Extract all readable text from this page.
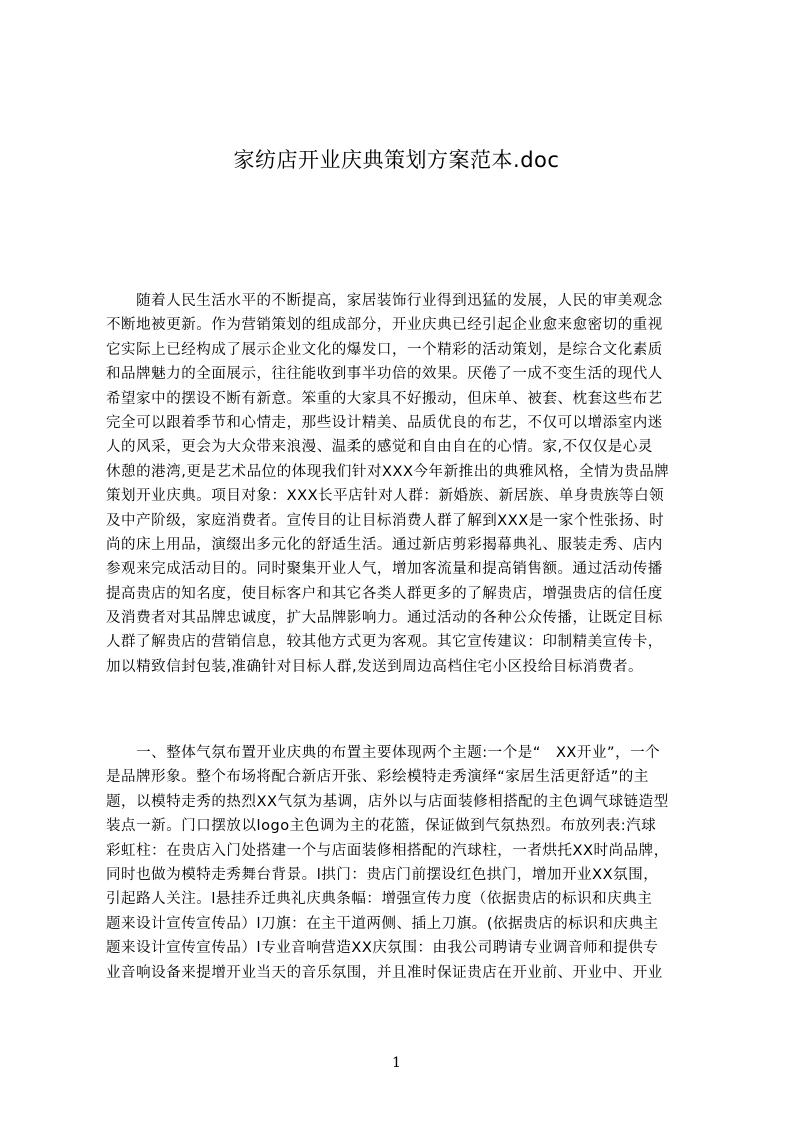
家纺店开业庆典策划方案范本.doc
　　随着人民生活水平的不断提高，家居装饰行业得到迅猛的发展，人民的审美观念
不断地被更新。作为营销策划的组成部分，开业庆典已经引起企业愈来愈密切的重视
它实际上已经构成了展示企业文化的爆发口，一个精彩的活动策划，是综合文化素质
和品牌魅力的全面展示，往往能收到事半功倍的效果。厌倦了一成不变生活的现代人
希望家中的摆设不断有新意。笨重的大家具不好搬动，但床单、被套、枕套这些布艺
完全可以跟着季节和心情走，那些设计精美、品质优良的布艺，不仅可以增添室内迷
人的风采，更会为大众带来浪漫、温柔的感觉和自由自在的心情。家,不仅仅是心灵
休憩的港湾,更是艺术品位的体现我们针对XXX今年新推出的典雅风格，全情为贵品牌
策划开业庆典。项目对象：XXX长平店针对人群：新婚族、新居族、单身贵族等白领
及中产阶级，家庭消费者。宣传目的让目标消费人群了解到XXX是一家个性张扬、时
尚的床上用品，演缀出多元化的舒适生活。通过新店剪彩揭幕典礼、服装走秀、店内
参观来完成活动目的。同时聚集开业人气，增加客流量和提高销售额。通过活动传播
提高贵店的知名度，使目标客户和其它各类人群更多的了解贵店，增强贵店的信任度
及消费者对其品牌忠诚度，扩大品牌影响力。通过活动的各种公众传播，让既定目标
人群了解贵店的营销信息，较其他方式更为客观。其它宣传建议：印制精美宣传卡，
加以精致信封包装,准确针对目标人群,发送到周边高档住宅小区投给目标消费者。
　　一、整体气氛布置开业庆典的布置主要体现两个主题:一个是“　XX开业”，一个
是品牌形象。整个布场将配合新店开张、彩绘模特走秀演绎“家居生活更舒适”的主
题，以模特走秀的热烈XX气氛为基调，店外以与店面装修相搭配的主色调气球链造型
装点一新。门口摆放以logo主色调为主的花篮，保证做到气氛热烈。布放列表:汽球
彩虹柱：在贵店入门处搭建一个与店面装修相搭配的汽球柱，一者烘托XX时尚品牌，
同时也做为模特走秀舞台背景。l拱门：贵店门前摆设红色拱门，增加开业XX氛围，
引起路人关注。l悬挂乔迁典礼庆典条幅：增强宣传力度（依据贵店的标识和庆典主
题来设计宣传宣传品）l刀旗：在主干道两侧、插上刀旗。(依据贵店的标识和庆典主
题来设计宣传宣传品）l专业音响营造XX庆氛围：由我公司聘请专业调音师和提供专
业音响设备来提增开业当天的音乐氛围，并且准时保证贵店在开业前、开业中、开业
1
